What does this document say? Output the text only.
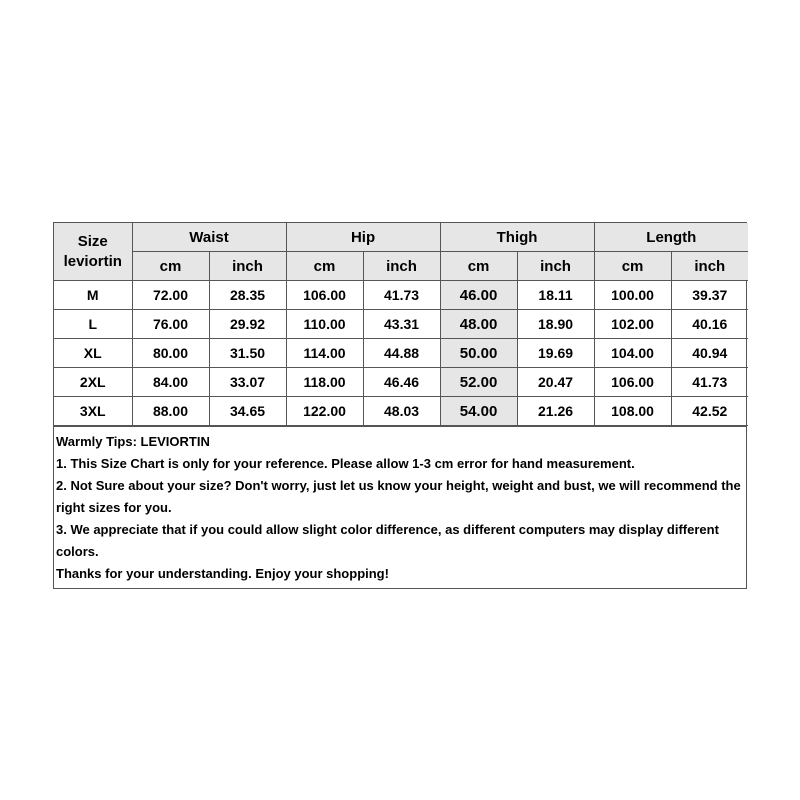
Size
leviortin	Waist		Hip		Thigh		Length	
	cm	inch	cm	inch	cm	inch	cm	inch
M	72.00	28.35	106.00	41.73	46.00	18.11	100.00	39.37
L	76.00	29.92	110.00	43.31	48.00	18.90	102.00	40.16
XL	80.00	31.50	114.00	44.88	50.00	19.69	104.00	40.94
2XL	84.00	33.07	118.00	46.46	52.00	20.47	106.00	41.73
3XL	88.00	34.65	122.00	48.03	54.00	21.26	108.00	42.52

Warmly Tips: LEVIORTIN

1. This Size Chart is only for your reference. Please allow 1-3 cm error for hand measurement.

2. Not Sure about your size? Don't worry, just let us know your height, weight and bust, we will recommend the right sizes for you.

3. We appreciate that if you could allow slight color difference, as different computers may display different colors.

Thanks for your understanding. Enjoy your shopping!
